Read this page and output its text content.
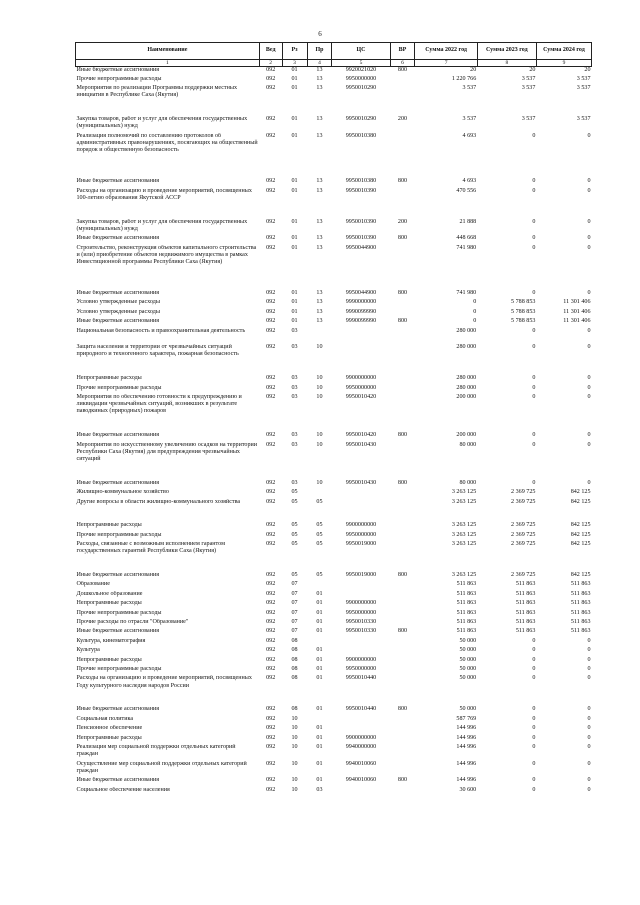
6
Наименование	Вед	Рз	Пр	ЦС	ВР	Сумма 2022 год	Сумма 2023 год	Сумма 2024 год
1	2	3	4	5	6	7	8	9
Иные бюджетные ассигнования	092	01	13	9920021020	800	20	20	20
Прочие непрограммные расходы	092	01	13	9950000000		1 220 766	3 537	3 537
Мероприятия по реализации Программы поддержки местных инициатив в Республике Саха (Якутия)	092	01	13	9950010290		3 537	3 537	3 537
Закупка товаров, работ и услуг для обеспечения государственных (муниципальных) нужд	092	01	13	9950010290	200	3 537	3 537	3 537
Реализация полномочий по составлению протоколов об административных правонарушениях, посягающих на общественный порядок и общественную безопасность	092	01	13	9950010380		4 693	0	0
Иные бюджетные ассигнования	092	01	13	9950010380	800	4 693	0	0
Расходы на организацию и проведение мероприятий, посвященных 100-летию образования Якутской АССР	092	01	13	9950010390		470 556	0	0
Закупка товаров, работ и услуг для обеспечения государственных (муниципальных) нужд	092	01	13	9950010390	200	21 888	0	0
Иные бюджетные ассигнования	092	01	13	9950010390	800	448 668	0	0
Строительство, реконструкция объектов капитального строительства и (или) приобретение объектов недвижимого имущества в рамках Инвестиционной программы Республики Саха (Якутия)	092	01	13	9950044900		741 980	0	0
Иные бюджетные ассигнования	092	01	13	9950044900	800	741 980	0	0
Условно утвержденные расходы	092	01	13	9990000000		0	5 788 853	11 301 406
Условно утвержденные расходы	092	01	13	9990099990		0	5 788 853	11 301 406
Иные бюджетные ассигнования	092	01	13	9990099990	800	0	5 788 853	11 301 406
Национальная безопасность и правоохранительная деятельность	092	03				280 000	0	0
Защита населения и территории от чрезвычайных ситуаций природного и техногенного характера, пожарная безопасность	092	03	10			280 000	0	0
Непрограммные расходы	092	03	10	9900000000		280 000	0	0
Прочие непрограммные расходы	092	03	10	9950000000		280 000	0	0
Мероприятия по обеспечению готовности к предупреждению и ликвидации чрезвычайных ситуаций, возникших в результате паводкиных (природных) пожаров	092	03	10	9950010420		200 000	0	0
Иные бюджетные ассигнования	092	03	10	9950010420	800	200 000	0	0
Мероприятия по искусственному увеличению осадков на территории Республики Саха (Якутия) для предупреждения чрезвычайных ситуаций	092	03	10	9950010430		80 000	0	0
Иные бюджетные ассигнования	092	03	10	9950010430	800	80 000	0	0
Жилищно-коммунальное хозяйство	092	05				3 263 125	2 369 725	842 125
Другие вопросы в области жилищно-коммунального хозяйства	092	05	05			3 263 125	2 369 725	842 125
Непрограммные расходы	092	05	05	9900000000		3 263 125	2 369 725	842 125
Прочие непрограммные расходы	092	05	05	9950000000		3 263 125	2 369 725	842 125
Расходы, связанные с возможным исполнением гарантом государственных гарантий Республики Саха (Якутия)	092	05	05	9950019000		3 263 125	2 369 725	842 125
Иные бюджетные ассигнования	092	05	05	9950019000	800	3 263 125	2 369 725	842 125
Образование	092	07				511 863	511 863	511 863
Дошкольное образование	092	07	01			511 863	511 863	511 863
Непрограммные расходы	092	07	01	9900000000		511 863	511 863	511 863
Прочие непрограммные расходы	092	07	01	9950000000		511 863	511 863	511 863
Прочие расходы по отрасли "Образование"	092	07	01	9950010330		511 863	511 863	511 863
Иные бюджетные ассигнования	092	07	01	9950010330	800	511 863	511 863	511 863
Культура, кинематография	092	08				50 000	0	0
Культура	092	08	01			50 000	0	0
Непрограммные расходы	092	08	01	9900000000		50 000	0	0
Прочие непрограммные расходы	092	08	01	9950000000		50 000	0	0
Расходы на организацию и проведение мероприятий, посвященных Году культурного наследия народов России	092	08	01	9950010440		50 000	0	0
Иные бюджетные ассигнования	092	08	01	9950010440	800	50 000	0	0
Социальная политика	092	10				587 769	0	0
Пенсионное обеспечение	092	10	01			144 996	0	0
Непрограммные расходы	092	10	01	9900000000		144 996	0	0
Реализация мер социальной поддержки отдельных категорий граждан	092	10	01	9940000000		144 996	0	0
Осуществление мер социальной поддержки отдельных категорий граждан	092	10	01	9940010060		144 996	0	0
Иные бюджетные ассигнования	092	10	01	9940010060	800	144 996	0	0
Социальное обеспечение населения	092	10	03			30 600	0	0
